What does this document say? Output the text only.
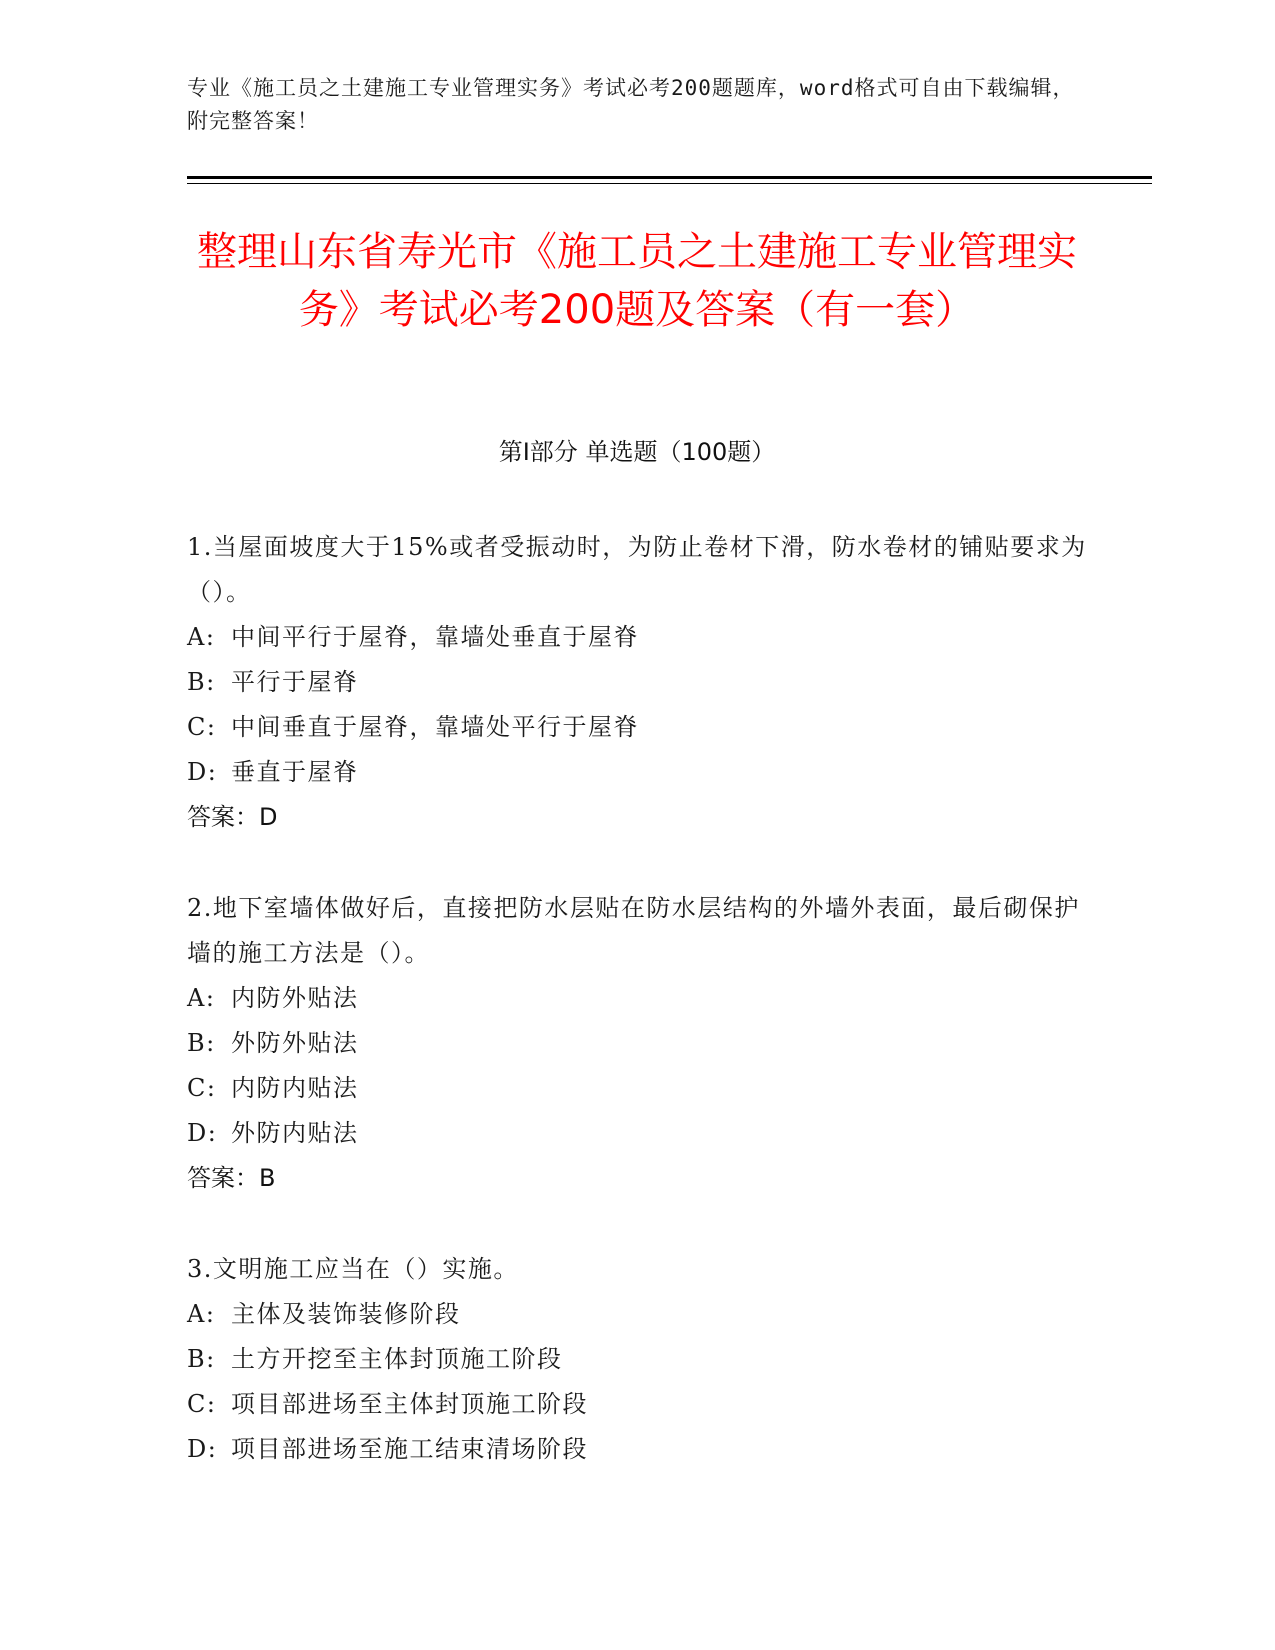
专业《施工员之土建施工专业管理实务》考试必考200题题库，word格式可自由下载编辑，附完整答案！
整理山东省寿光市《施工员之土建施工专业管理实务》考试必考200题及答案（有一套）
第Ⅰ部分 单选题（100题）
1.当屋面坡度大于15%或者受振动时，为防止卷材下滑，防水卷材的铺贴要求为（）。
A: 中间平行于屋脊，靠墙处垂直于屋脊
B: 平行于屋脊
C: 中间垂直于屋脊，靠墙处平行于屋脊
D: 垂直于屋脊
答案：D
2.地下室墙体做好后，直接把防水层贴在防水层结构的外墙外表面，最后砌保护墙的施工方法是（）。
A: 内防外贴法
B: 外防外贴法
C: 内防内贴法
D: 外防内贴法
答案：B
3.文明施工应当在（）实施。
A: 主体及装饰装修阶段
B: 土方开挖至主体封顶施工阶段
C: 项目部进场至主体封顶施工阶段
D: 项目部进场至施工结束清场阶段
